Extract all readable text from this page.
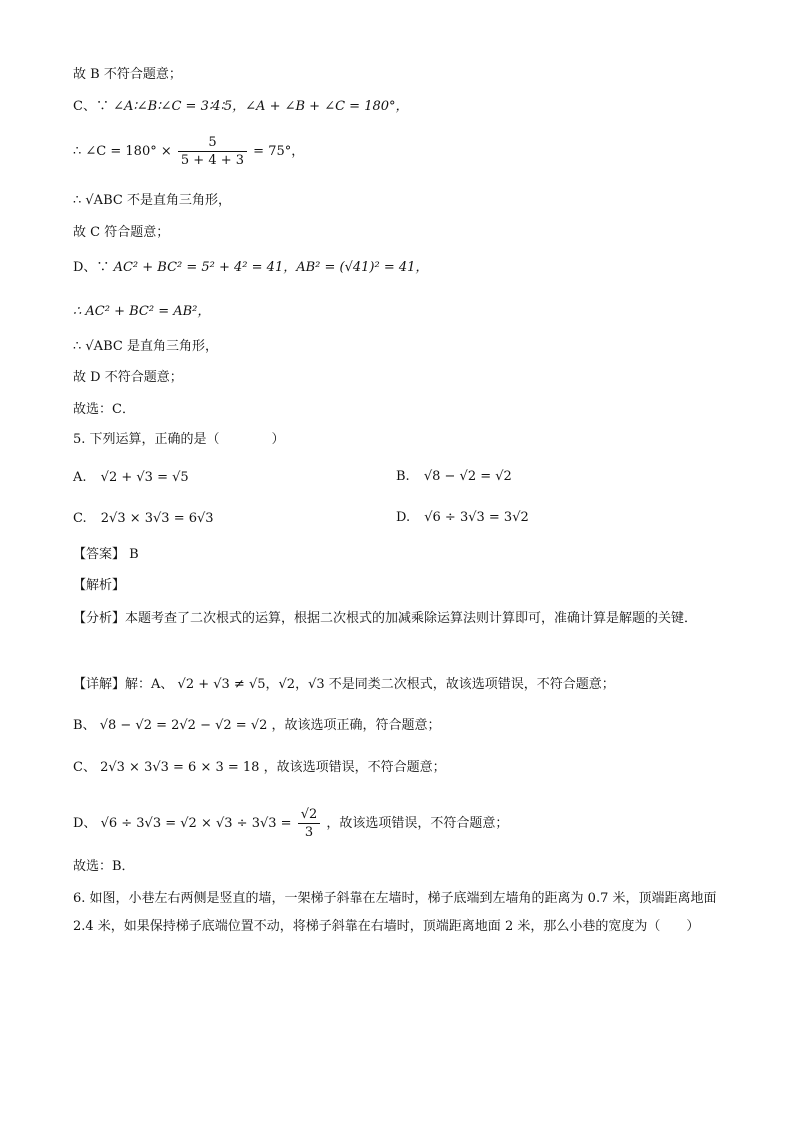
故 B 不符合题意；
C、∵ ∠A∶∠B∶∠C = 3∶4∶5，∠A + ∠B + ∠C = 180°，
∴ ∠C = $180^\circ \times \frac{5}{5 + 4 + 3} = 75^\circ$，
∴ √ABC 不是直角三角形，
故 C 符合题意；
D、∵ AC² + BC² = 5² + 4² = 41，AB² = (√41)² = 41，
∴ AC² + BC² = AB²，
∴ √ABC 是直角三角形，
故 D 不符合题意；
故选：C．
5. 下列运算，正确的是（　　　　）
A. √2 + √3 = √5	B. √8 − √2 = √2
C. 2√3 × 3√3 = 6√3	D. √6 ÷ 3√3 = 3√2
【答案】 B
【解析】
【分析】本题考查了二次根式的运算，根据二次根式的加减乘除运算法则计算即可，准确计算是解题的关键．
【详解】解：A、 √2 + √3 ≠ √5，√2，√3 不是同类二次根式，故该选项错误，不符合题意；
B、 √8 − √2 = 2√2 − √2 = √2 ，故该选项正确，符合题意；
C、 2√3 × 3√3 = 6 × 3 = 18 ，故该选项错误，不符合题意；
D、 $√6 \div 3√3 = √2 \times √3 \div 3√3 = \frac{√2}{3}$ ，故该选项错误，不符合题意；
故选：B．
6. 如图，小巷左右两侧是竖直的墙，一架梯子斜靠在左墙时，梯子底端到左墙角的距离为 0.7 米，顶端距离地面 2.4 米，如果保持梯子底端位置不动，将梯子斜靠在右墙时，顶端距离地面 2 米，那么小巷的宽度为（　　）
